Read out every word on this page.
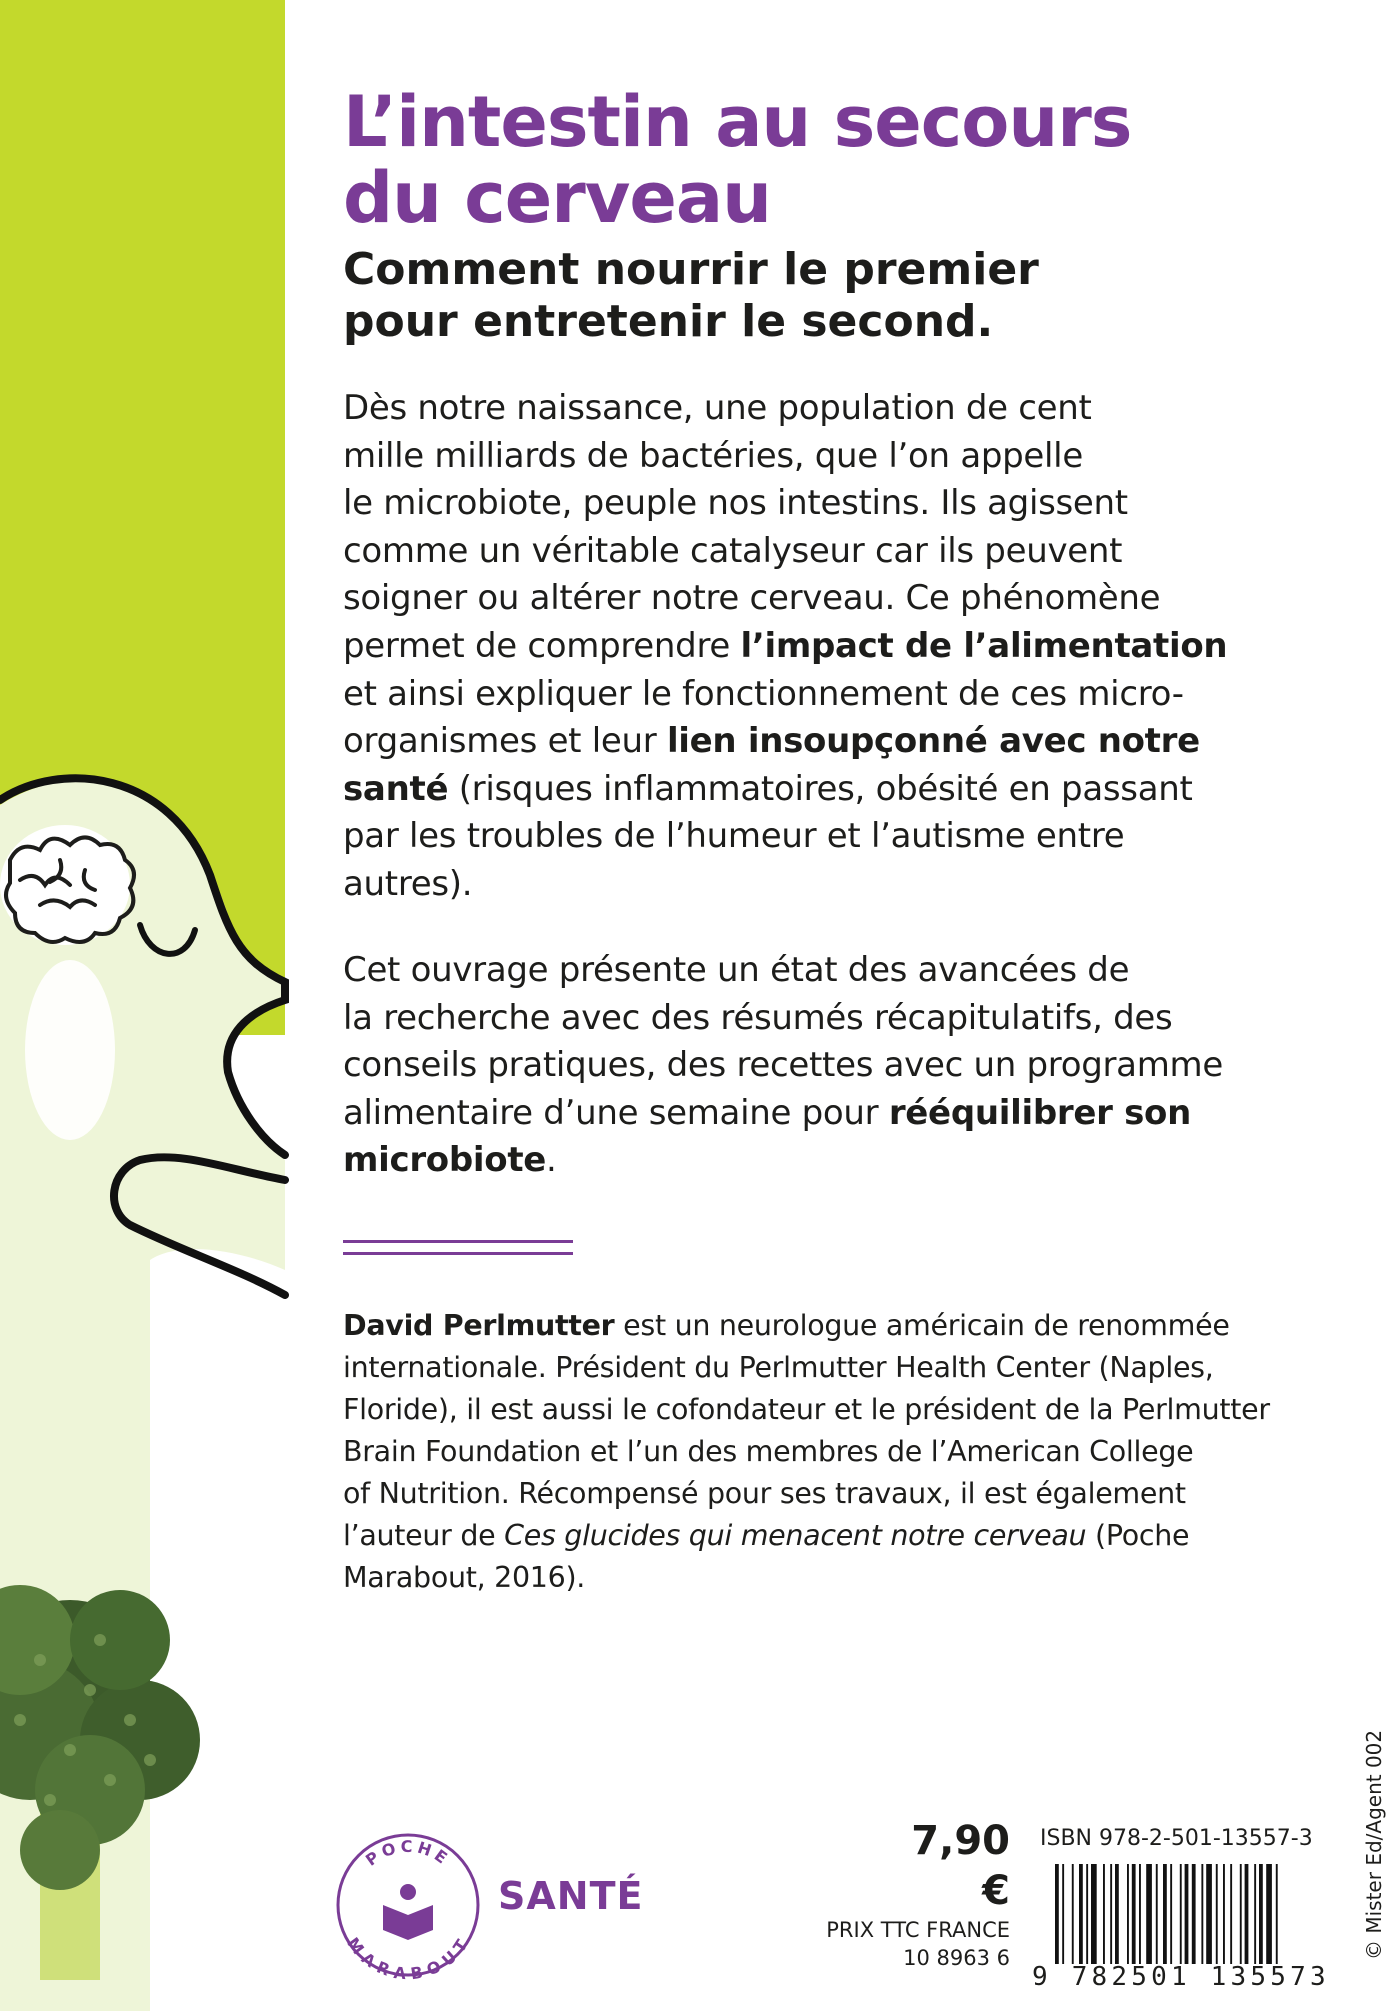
L’intestin au secours
du cerveau
Comment nourrir le premier
pour entretenir le second.

Dès notre naissance, une population de cent
mille milliards de bactéries, que l’on appelle
le microbiote, peuple nos intestins. Ils agissent
comme un véritable catalyseur car ils peuvent
soigner ou altérer notre cerveau. Ce phénomène
permet de comprendre l’impact de l’alimentation
et ainsi expliquer le fonctionnement de ces micro-
organismes et leur lien insoupçonné avec notre
santé (risques inflammatoires, obésité en passant
par les troubles de l’humeur et l’autisme entre
autres).

Cet ouvrage présente un état des avancées de
la recherche avec des résumés récapitulatifs, des
conseils pratiques, des recettes avec un programme
alimentaire d’une semaine pour rééquilibrer son
microbiote.

David Perlmutter est un neurologue américain de renommée
internationale. Président du Perlmutter Health Center (Naples,
Floride), il est aussi le cofondateur et le président de la Perlmutter
Brain Foundation et l’un des membres de l’American College
of Nutrition. Récompensé pour ses travaux, il est également
l’auteur de Ces glucides qui menacent notre cerveau (Poche
Marabout, 2016).

POCHE
MARABOUT
SANTÉ
7,90 €
PRIX TTC FRANCE
10 8963 6
ISBN 978-2-501-13557-3
9 782501 135573
© Mister Ed/Agent 002
